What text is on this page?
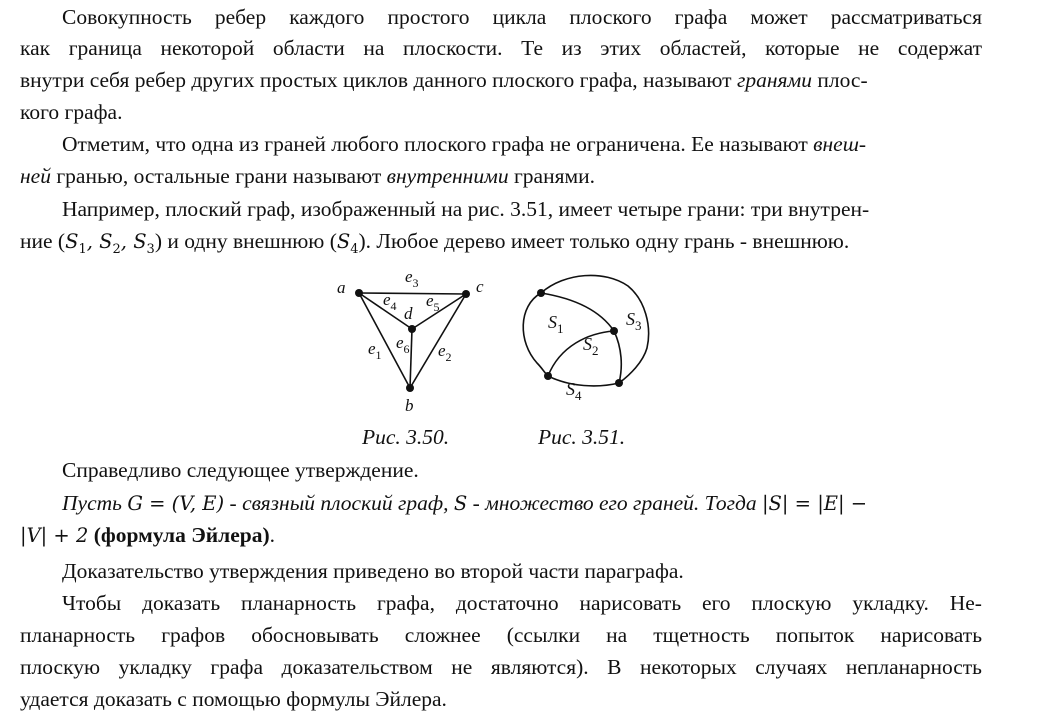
Совокупность ребер каждого простого цикла плоского графа может рассматриваться
как граница некоторой области на плоскости. Те из этих областей, которые не содержат
внутри себя ребер других простых циклов данного плоского графа, называют гранями плос-
кого графа.
Отметим, что одна из граней любого плоского графа не ограничена. Ее называют внеш-
ней гранью, остальные грани называют внутренними гранями.
Например, плоский граф, изображенный на рис. 3.51, имеет четыре грани: три внутрен-
ние ($S_1$, $S_2$, $S_3$) и одну внешнюю $(S_4)$. Любое дерево имеет только одну грань - внешнюю.
a	c
d
b
$e_3$
$e_4$ $e_5$
$e_1$
$e_6$ $e_2$
$S_1$
$S_2$
$S_3$
$S_4$
Рис. 3.50.	Рис. 3.51.
Справедливо следующее утверждение.
Пусть G = (V, E) - связный плоский граф, S - множество его граней. Тогда |S| = |E| −
|V| + 2 (формула Эйлера).
Доказательство утверждения приведено во второй части параграфа.
Чтобы доказать планарность графа, достаточно нарисовать его плоскую укладку. Не-
планарность графов обосновывать сложнее (ссылки на тщетность попыток нарисовать
плоскую укладку графа доказательством не являются). В некоторых случаях непланарность
удается доказать с помощью формулы Эйлера.
